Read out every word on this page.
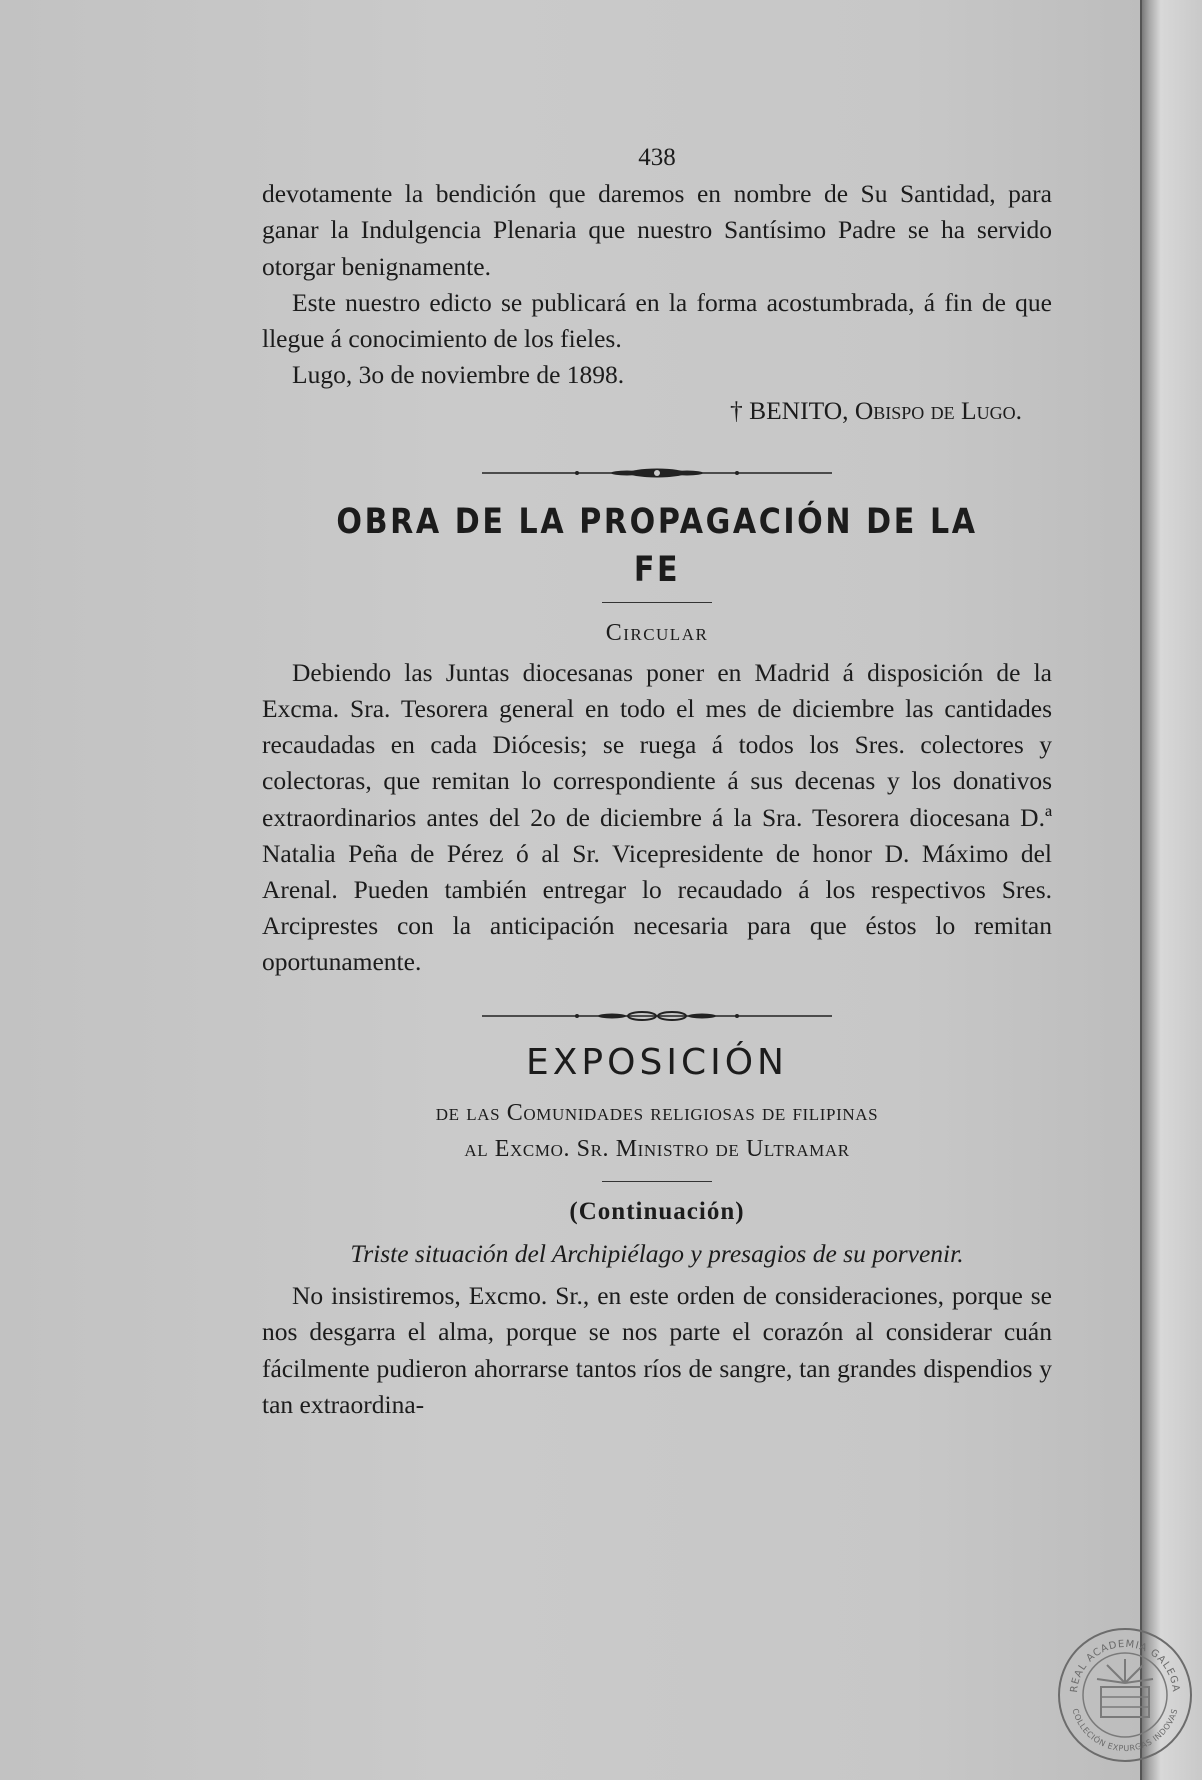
438

devotamente la bendición que daremos en nombre de Su Santidad, para ganar la Indulgencia Plenaria que nuestro Santísimo Padre se ha servido otorgar benignamente.

Este nuestro edicto se publicará en la forma acostumbrada, á fin de que llegue á conocimiento de los fieles.

Lugo, 3o de noviembre de 1898.

† BENITO, Obispo de Lugo.

OBRA DE LA PROPAGACIÓN DE LA FE
Circular

Debiendo las Juntas diocesanas poner en Madrid á disposición de la Excma. Sra. Tesorera general en todo el mes de diciembre las cantidades recaudadas en cada Diócesis; se ruega á todos los Sres. colectores y colectoras, que remitan lo correspondiente á sus decenas y los donativos extraordinarios antes del 2o de diciembre á la Sra. Tesorera diocesana D.ª Natalia Peña de Pérez ó al Sr. Vicepresidente de honor D. Máximo del Arenal. Pueden también entregar lo recaudado á los respectivos Sres. Arciprestes con la anticipación necesaria para que éstos lo remitan oportunamente.

EXPOSICIÓN
de las Comunidades religiosas de filipinas
al Excmo. Sr. Ministro de Ultramar
(Continuación)
Triste situación del Archipiélago y presagios de su porvenir.

No insistiremos, Excmo. Sr., en este orden de consideraciones, porque se nos desgarra el alma, porque se nos parte el corazón al considerar cuán fácilmente pudieron ahorrarse tantos ríos de sangre, tan grandes dispendios y tan extraordina-

REAL ACADEMIA GALEGA
COLLECIÓN EXPURGAS INDOVAS
